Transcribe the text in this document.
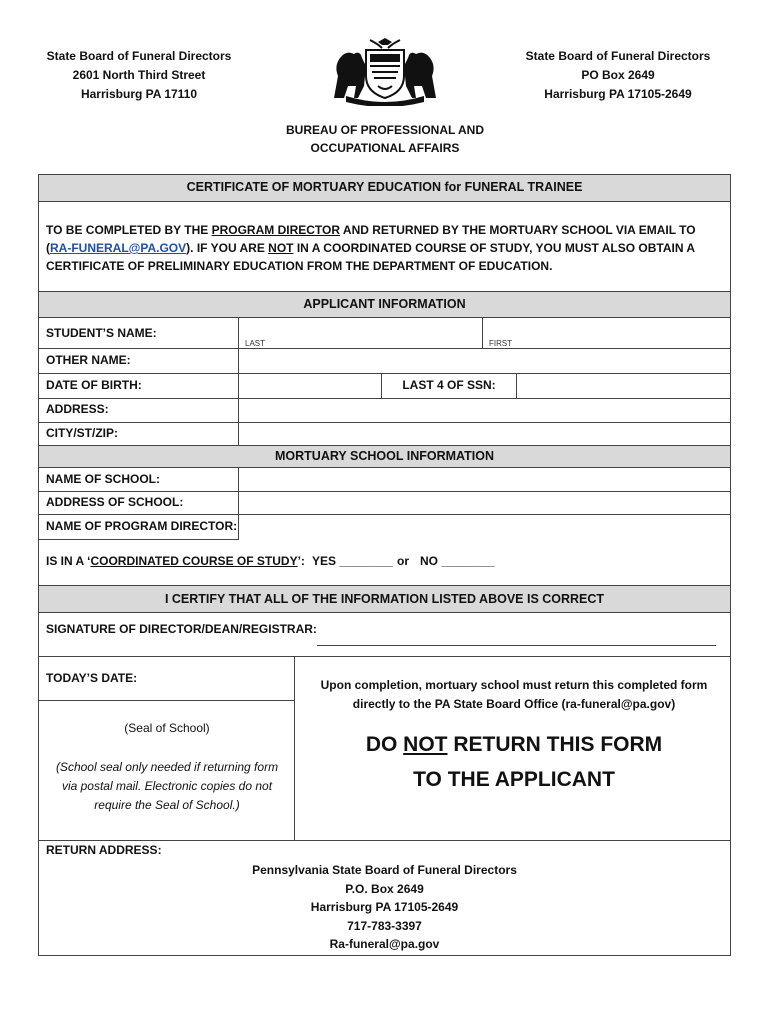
State Board of Funeral Directors
2601 North Third Street
Harrisburg PA 17110
State Board of Funeral Directors
PO Box 2649
Harrisburg PA 17105-2649
BUREAU OF PROFESSIONAL AND
OCCUPATIONAL AFFAIRS
CERTIFICATE OF MORTUARY EDUCATION for FUNERAL TRAINEE
TO BE COMPLETED BY THE PROGRAM DIRECTOR AND RETURNED BY THE MORTUARY SCHOOL VIA EMAIL TO (RA-FUNERAL@PA.GOV). IF YOU ARE NOT IN A COORDINATED COURSE OF STUDY, YOU MUST ALSO OBTAIN A CERTIFICATE OF PRELIMINARY EDUCATION FROM THE DEPARTMENT OF EDUCATION.
APPLICANT INFORMATION
STUDENT’S NAME:
LAST	FIRST
OTHER NAME:
DATE OF BIRTH:	LAST 4 OF SSN:
ADDRESS:
CITY/ST/ZIP:
MORTUARY SCHOOL INFORMATION
NAME OF SCHOOL:
ADDRESS OF SCHOOL:
NAME OF PROGRAM DIRECTOR:
IS IN A ‘COORDINATED COURSE OF STUDY’: YES ________ or NO ________
I CERTIFY THAT ALL OF THE INFORMATION LISTED ABOVE IS CORRECT
SIGNATURE OF DIRECTOR/DEAN/REGISTRAR:
TODAY’S DATE:
(Seal of School)
(School seal only needed if returning form via postal mail. Electronic copies do not require the Seal of School.)
Upon completion, mortuary school must return this completed form directly to the PA State Board Office (ra-funeral@pa.gov)
DO NOT RETURN THIS FORM
TO THE APPLICANT
RETURN ADDRESS:
Pennsylvania State Board of Funeral Directors
P.O. Box 2649
Harrisburg PA 17105-2649
717-783-3397
Ra-funeral@pa.gov
